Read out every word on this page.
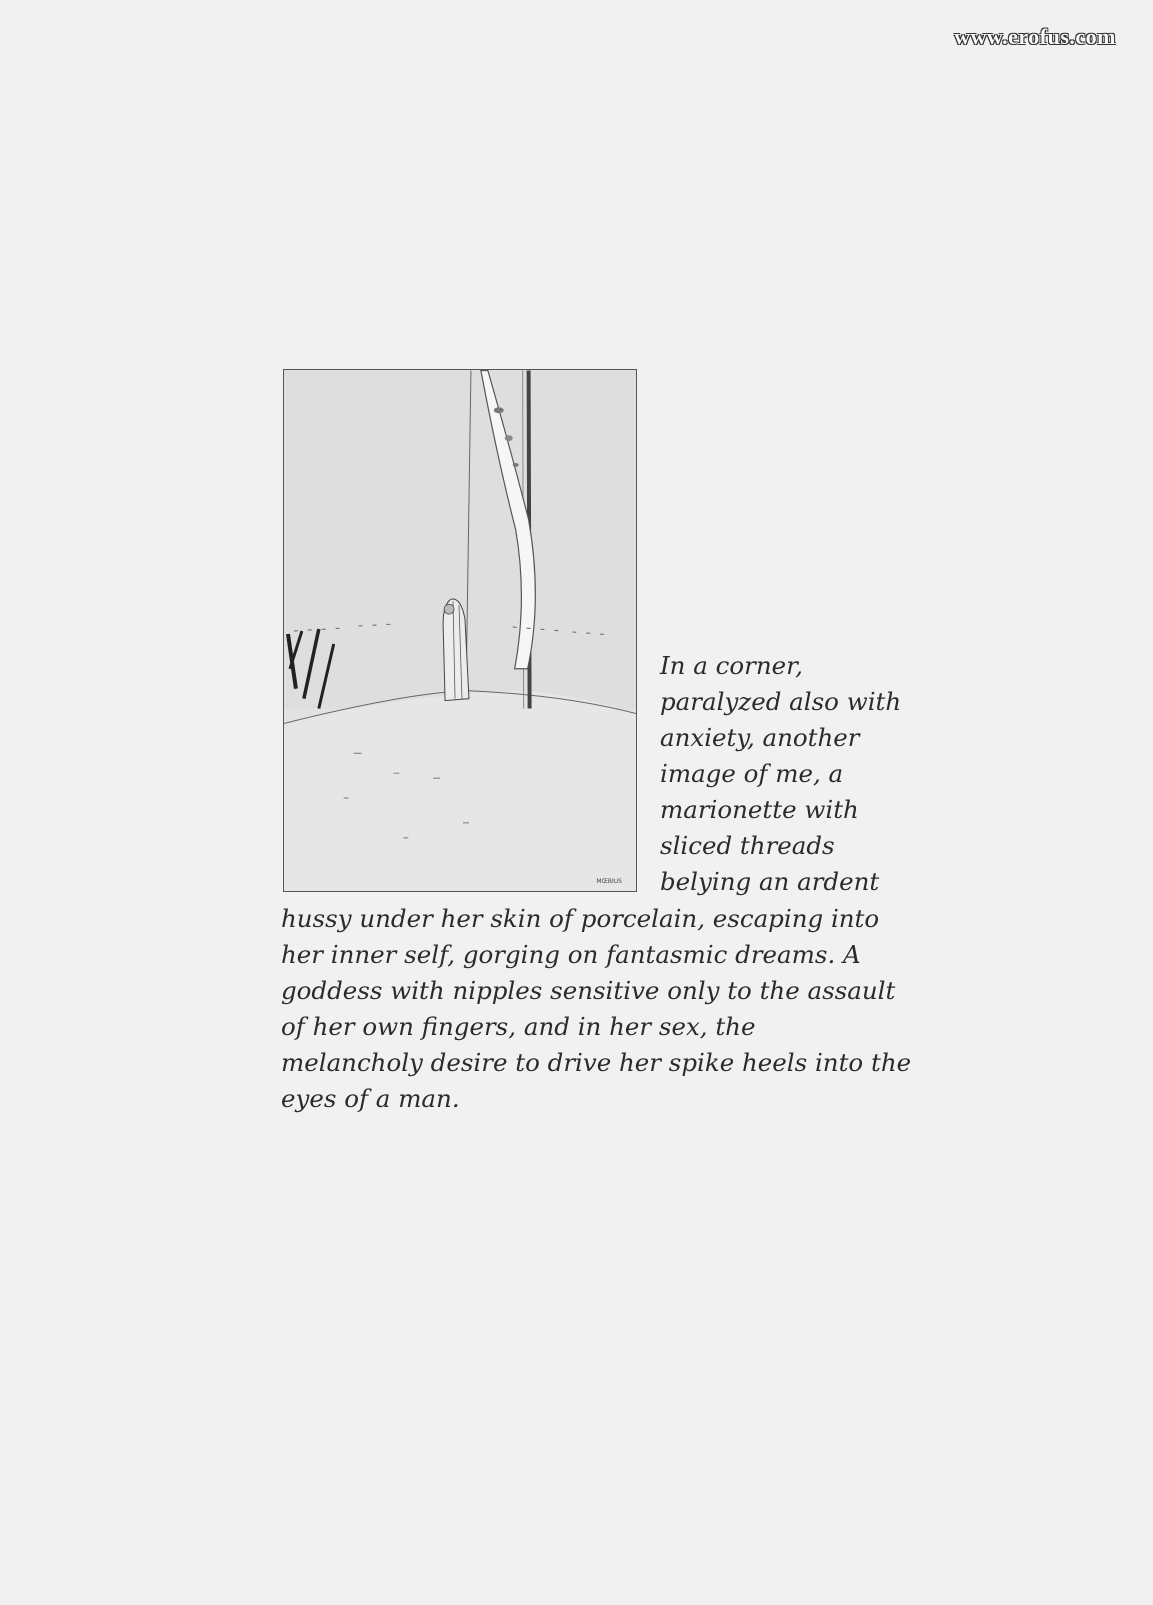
www.erofus.com
MŒBIUS
In a corner,
paralyzed also with
anxiety, another
image of me, a
marionette with
sliced threads
belying an ardent
hussy under her skin of porcelain, escaping into
her inner self, gorging on fantasmic dreams. A
goddess with nipples sensitive only to the assault
of her own fingers, and in her sex, the
melancholy desire to drive her spike heels into the
eyes of a man.
